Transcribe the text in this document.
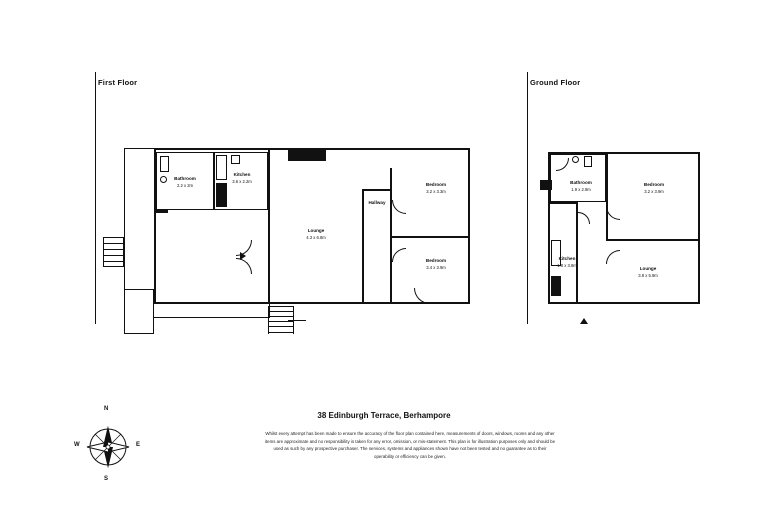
First Floor
Bathroom
2.2 x 2m
Kitchen
3.6 x 2.2m
Lounge
4.3 x 6.8m
Hallway
Bedroom
3.2 x 3.3m
Bedroom
3.4 x 3.9m
Ground Floor
Bathroom
1.9 x 2.9m
Bedroom
3.2 x 3.9m
Kitchen
1.8 x 3.9m
Lounge
3.8 x 5.9m
38 Edinburgh Terrace, Berhampore
Whilst every attempt has been made to ensure the accuracy of the floor plan contained here, measurements of doors, windows, rooms and any other items are approximate and no responsibility is taken for any error, omission, or mis-statement. This plan is for illustration purposes only and should be used as such by any prospective purchaser. The services, systems and appliances shown have not been tested and no guarantee as to their operability or efficiency can be given.
N
E
S
W
